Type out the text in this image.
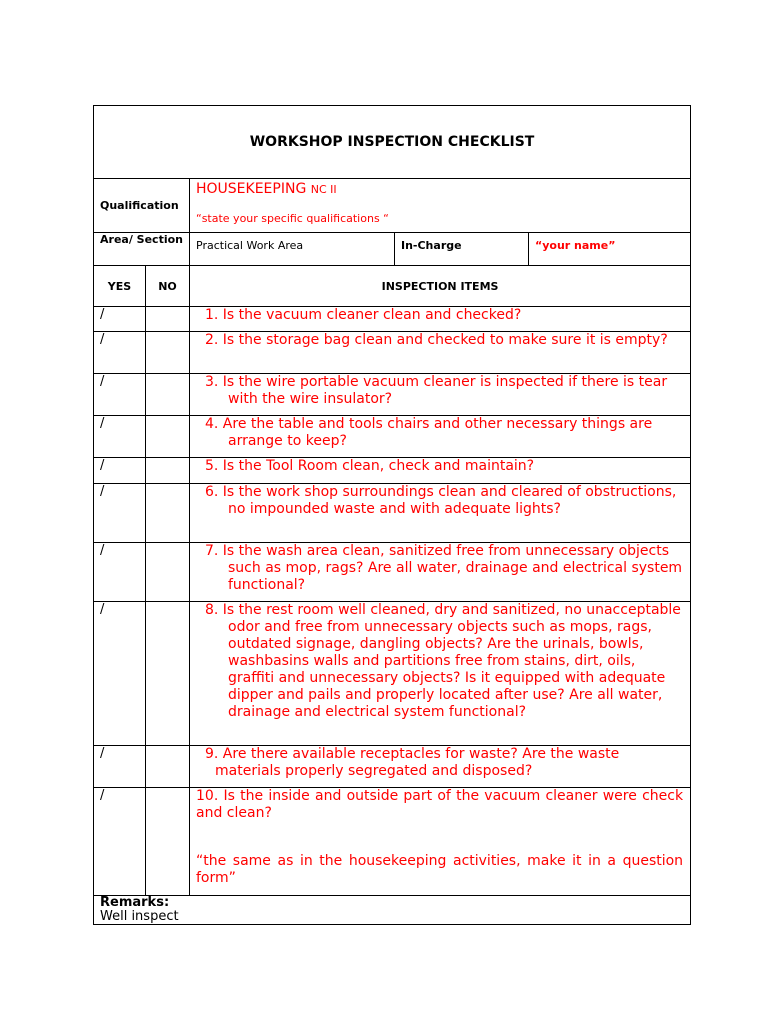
WORKSHOP INSPECTION CHECKLIST				
Qualification		HOUSEKEEPING NC II
“state your specific qualifications “		

Area/ Section		Practical Work Area	In-Charge	“your name”
YES	NO	INSPECTION ITEMS		
/		1. Is the vacuum cleaner clean and checked?		
/		2. Is the storage bag clean and checked to make sure it is empty?		
/		3. Is the wire portable vacuum cleaner is inspected if there is tear with the wire insulator?		
/		4. Are the table and tools chairs and other necessary things are arrange to keep?		
/		5. Is the Tool Room clean, check and maintain?		
/		6. Is the work shop surroundings clean and cleared of obstructions, no impounded waste and with adequate lights?		
/		7. Is the wash area clean, sanitized free from unnecessary objects such as mop, rags? Are all water, drainage and electrical system functional?		
/		8. Is the rest room well cleaned, dry and sanitized, no unacceptable odor and free from unnecessary objects such as mops, rags, outdated signage, dangling objects? Are the urinals, bowls, washbasins walls and partitions free from stains, dirt, oils, graffiti and unnecessary objects? Is it equipped with adequate dipper and pails and properly located after use? Are all water, drainage and electrical system functional?		
/		9. Are there available receptacles for waste? Are the waste materials properly segregated and disposed?		
/		10. Is the inside and outside part of the vacuum cleaner were check and clean?
“the same as in the housekeeping activities, make it in a question form”		

Remarks:
Well inspect				
